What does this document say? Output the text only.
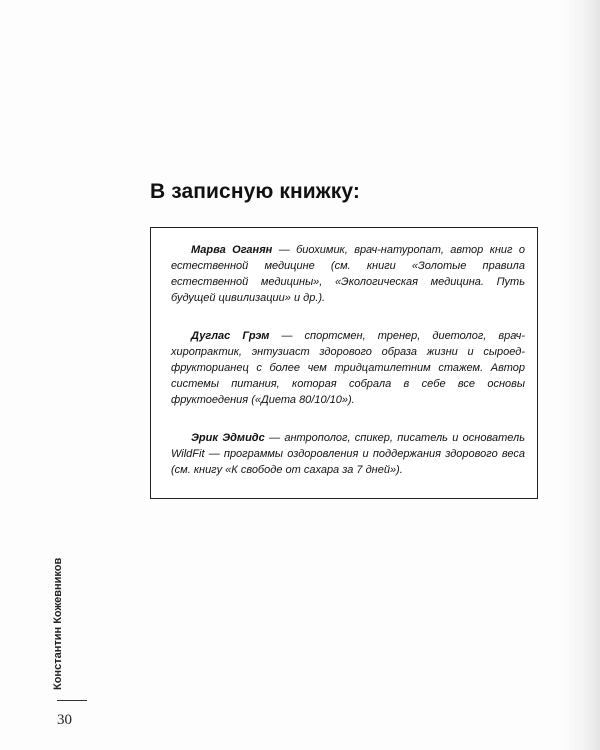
В записную книжку:

Марва Оганян — биохимик, врач-натуропат, автор книг о естественной медицине (см. книги «Золотые правила естественной медицины», «Экологическая медицина. Путь будущей цивилизации» и др.).

Дуглас Грэм — спортсмен, тренер, диетолог, врач-хиропрактик, энтузиаст здорового образа жизни и сыроед-фрукторианец с более чем тридцатилетним стажем. Автор системы питания, которая собрала в себе все основы фруктоедения («Диета 80/10/10»).

Эрик Эдмидс — антрополог, спикер, писатель и основатель WildFit — программы оздоровления и поддержания здорового веса (см. книгу «К свободе от сахара за 7 дней»).

Константин Кожевников
30
